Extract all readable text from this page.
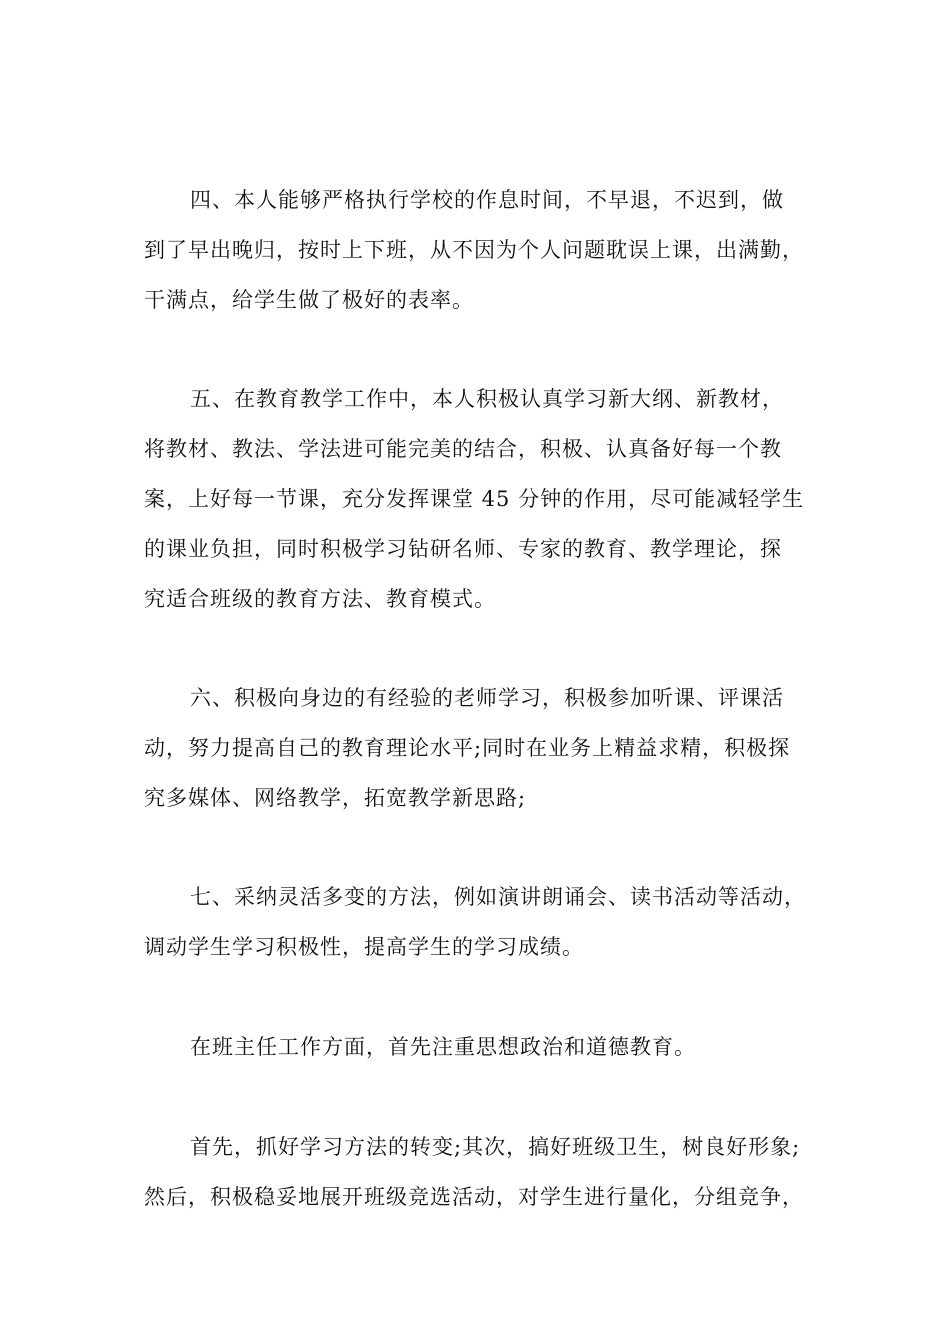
四、本人能够严格执行学校的作息时间，不早退，不迟到，做
到了早出晚归，按时上下班，从不因为个人问题耽误上课，出满勤，
干满点，给学生做了极好的表率。
五、在教育教学工作中，本人积极认真学习新大纲、新教材，
将教材、教法、学法进可能完美的结合，积极、认真备好每一个教
案，上好每一节课，充分发挥课堂 45 分钟的作用，尽可能减轻学生
的课业负担，同时积极学习钻研名师、专家的教育、教学理论，探
究适合班级的教育方法、教育模式。
六、积极向身边的有经验的老师学习，积极参加听课、评课活
动，努力提高自己的教育理论水平;同时在业务上精益求精，积极探
究多媒体、网络教学，拓宽教学新思路;
七、采纳灵活多变的方法，例如演讲朗诵会、读书活动等活动，
调动学生学习积极性，提高学生的学习成绩。
在班主任工作方面，首先注重思想政治和道德教育。
首先，抓好学习方法的转变;其次，搞好班级卫生，树良好形象;
然后，积极稳妥地展开班级竞选活动，对学生进行量化，分组竞争，
